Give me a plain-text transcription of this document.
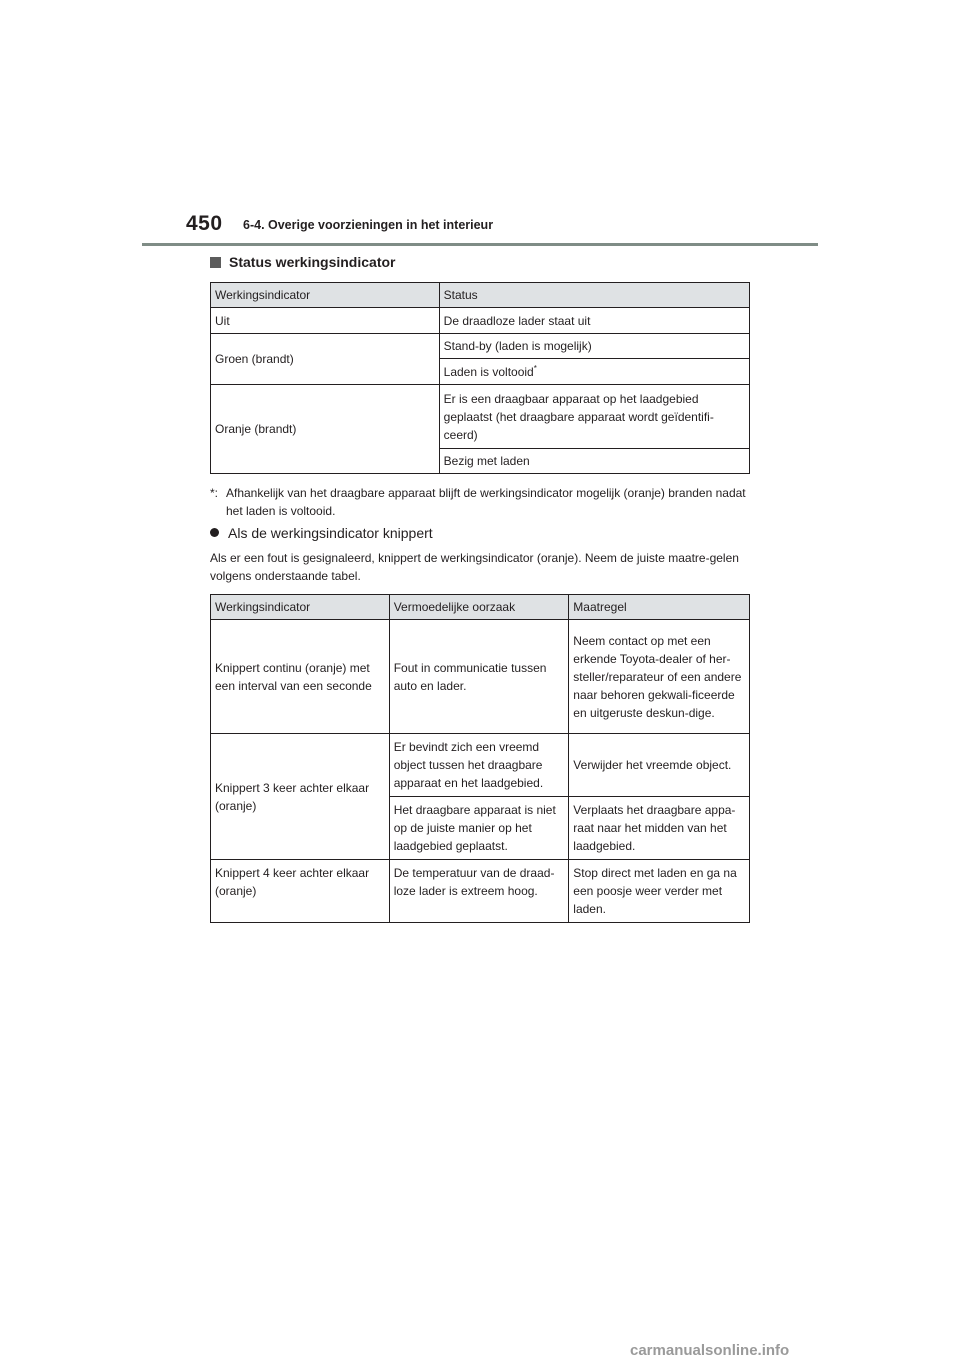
450 6-4. Overige voorzieningen in het interieur
Status werkingsindicator
Werkingsindicator	Status
Uit	De draadloze lader staat uit
Groen (brandt)	Stand-by (laden is mogelijk)
	Laden is voltooid*
Oranje (brandt)	Er is een draagbaar apparaat op het laadgebied geplaatst (het draagbare apparaat wordt geïdentifi-ceerd)
	Bezig met laden
*: Afhankelijk van het draagbare apparaat blijft de werkingsindicator mogelijk (oranje) branden nadat het laden is voltooid.
Als de werkingsindicator knippert
Als er een fout is gesignaleerd, knippert de werkingsindicator (oranje). Neem de juiste maatre-gelen volgens onderstaande tabel.
Werkingsindicator	Vermoedelijke oorzaak	Maatregel
Knippert continu (oranje) met een interval van een seconde	Fout in communicatie tussen auto en lader.	Neem contact op met een erkende Toyota-dealer of her-steller/reparateur of een andere naar behoren gekwali-ficeerde en uitgeruste deskun-dige.
Knippert 3 keer achter elkaar (oranje)	Er bevindt zich een vreemd object tussen het draagbare apparaat en het laadgebied.	Verwijder het vreemde object.
	Het draagbare apparaat is niet op de juiste manier op het laadgebied geplaatst.	Verplaats het draagbare appa-raat naar het midden van het laadgebied.
Knippert 4 keer achter elkaar (oranje)	De temperatuur van de draad-loze lader is extreem hoog.	Stop direct met laden en ga na een poosje weer verder met laden.
carmanualsonline.info
